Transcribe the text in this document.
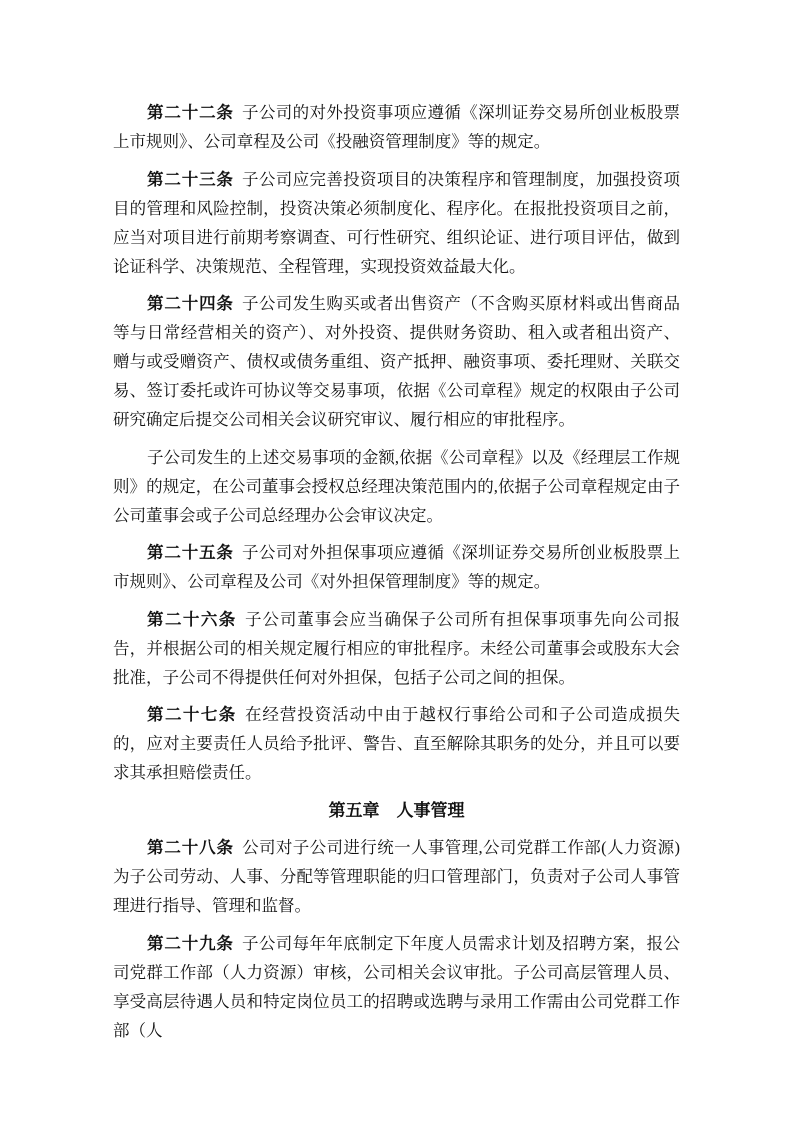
第二十二条 子公司的对外投资事项应遵循《深圳证券交易所创业板股票上市规则》、公司章程及公司《投融资管理制度》等的规定。

第二十三条 子公司应完善投资项目的决策程序和管理制度，加强投资项目的管理和风险控制，投资决策必须制度化、程序化。在报批投资项目之前，应当对项目进行前期考察调查、可行性研究、组织论证、进行项目评估，做到论证科学、决策规范、全程管理，实现投资效益最大化。

第二十四条 子公司发生购买或者出售资产（不含购买原材料或出售商品等与日常经营相关的资产）、对外投资、提供财务资助、租入或者租出资产、赠与或受赠资产、债权或债务重组、资产抵押、融资事项、委托理财、关联交易、签订委托或许可协议等交易事项，依据《公司章程》规定的权限由子公司研究确定后提交公司相关会议研究审议、履行相应的审批程序。

子公司发生的上述交易事项的金额,依据《公司章程》以及《经理层工作规则》的规定，在公司董事会授权总经理决策范围内的,依据子公司章程规定由子公司董事会或子公司总经理办公会审议决定。

第二十五条 子公司对外担保事项应遵循《深圳证券交易所创业板股票上市规则》、公司章程及公司《对外担保管理制度》等的规定。

第二十六条 子公司董事会应当确保子公司所有担保事项事先向公司报告，并根据公司的相关规定履行相应的审批程序。未经公司董事会或股东大会批准，子公司不得提供任何对外担保，包括子公司之间的担保。

第二十七条 在经营投资活动中由于越权行事给公司和子公司造成损失的，应对主要责任人员给予批评、警告、直至解除其职务的处分，并且可以要求其承担赔偿责任。

第五章　人事管理

第二十八条 公司对子公司进行统一人事管理,公司党群工作部(人力资源)为子公司劳动、人事、分配等管理职能的归口管理部门，负责对子公司人事管理进行指导、管理和监督。

第二十九条 子公司每年年底制定下年度人员需求计划及招聘方案，报公司党群工作部（人力资源）审核，公司相关会议审批。子公司高层管理人员、享受高层待遇人员和特定岗位员工的招聘或选聘与录用工作需由公司党群工作部（人
